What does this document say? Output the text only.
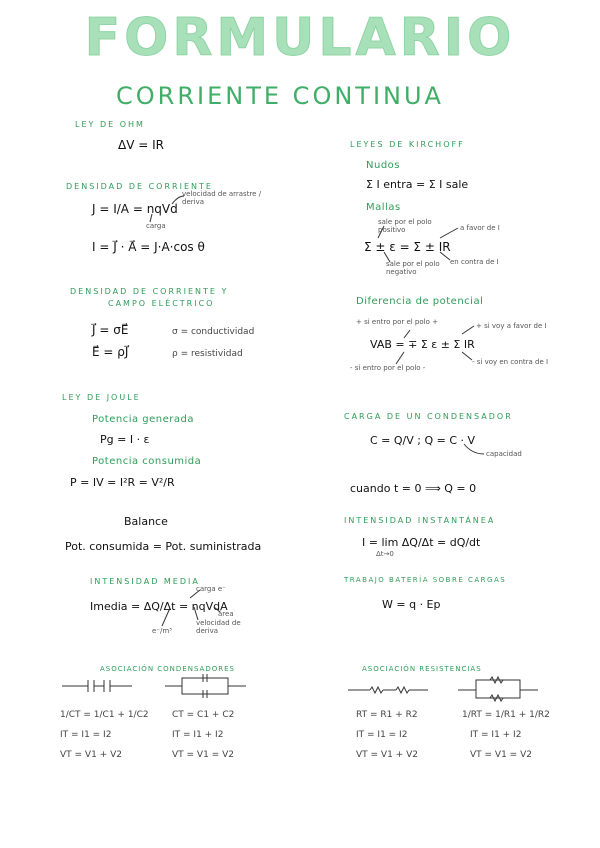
FORMULARIO
CORRIENTE CONTINUA
LEY DE OHM
ΔV = IR
DENSIDAD DE CORRIENTE
J = I/A = nqVd
velocidad de arrastre / deriva
carga
I = J⃗ · A⃗ = J·A·cos θ
DENSIDAD DE CORRIENTE Y
CAMPO ELÉCTRICO
J⃗ = σE⃗
E⃗ = ρJ⃗
σ = conductividad
ρ = resistividad
LEY DE JOULE
Potencia generada
Pg = I · ε
Potencia consumida
P = IV = I²R = V²/R
Balance
Pot. consumida = Pot. suministrada
INTENSIDAD MEDIA
Imedia = ΔQ/Δt = nqVdA
carga e⁻
área
velocidad de deriva
e⁻/m³
LEYES DE KIRCHOFF
Nudos
Σ I entra = Σ I sale
Mallas
Σ ± ε = Σ ± IR
sale por el polo positivo	a favor de I
sale por el polo negativo
en contra de I
Diferencia de potencial
+ si entro por el polo +	+ si voy a favor de I
VAB = ∓ Σ ε ± Σ IR
- si voy en contra de I
- si entro por el polo -
CARGA DE UN CONDENSADOR
C = Q/V ; Q = C · V
capacidad
cuando t = 0 ⟹ Q = 0
INTENSIDAD INSTANTÁNEA
I = lim ΔQ/Δt = dQ/dt
Δt→0
TRABAJO BATERÍA SOBRE CARGAS
W = q · Ep
ASOCIACIÓN CONDENSADORES	ASOCIACIÓN RESISTENCIAS
1/CT = 1/C1 + 1/C2
IT = I1 = I2
VT = V1 + V2
CT = C1 + C2
IT = I1 + I2
VT = V1 = V2
RT = R1 + R2
IT = I1 = I2
VT = V1 + V2
1/RT = 1/R1 + 1/R2
IT = I1 + I2
VT = V1 = V2
